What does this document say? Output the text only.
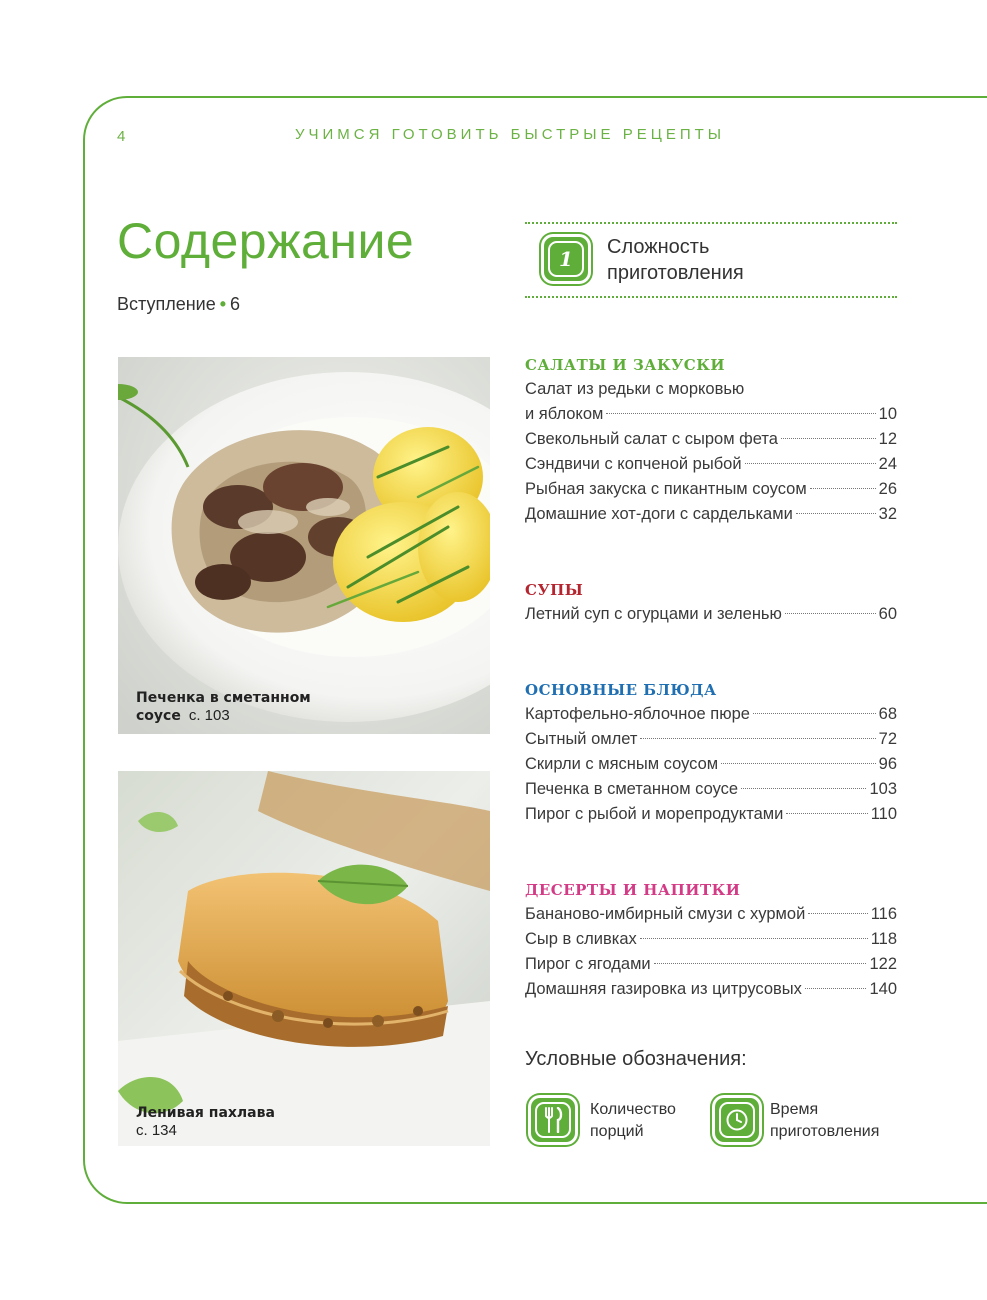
4	УЧИМСЯ ГОТОВИТЬ БЫСТРЫЕ РЕЦЕПТЫ
Содержание
Вступление • 6
Печенка в сметанном
соусе с. 103
Ленивая пахлава
с. 134
1 Сложность
приготовления
САЛАТЫ И ЗАКУСКИ
Салат из редьки с морковью
и яблоком	10
Свекольный салат с сыром фета	12
Сэндвичи с копченой рыбой	24
Рыбная закуска с пикантным соусом	26
Домашние хот-доги с сардельками	32
СУПЫ
Летний суп с огурцами и зеленью	60
ОСНОВНЫЕ БЛЮДА
Картофельно-яблочное пюре	68
Сытный омлет	72
Скирли с мясным соусом	96
Печенка в сметанном соусе	103
Пирог с рыбой и морепродуктами	110
ДЕСЕРТЫ И НАПИТКИ
Бананово-имбирный смузи с хурмой	116
Сыр в сливках	118
Пирог с ягодами	122
Домашняя газировка из цитрусовых	140
Условные обозначения:
Количество
порций
Время
приготовления
